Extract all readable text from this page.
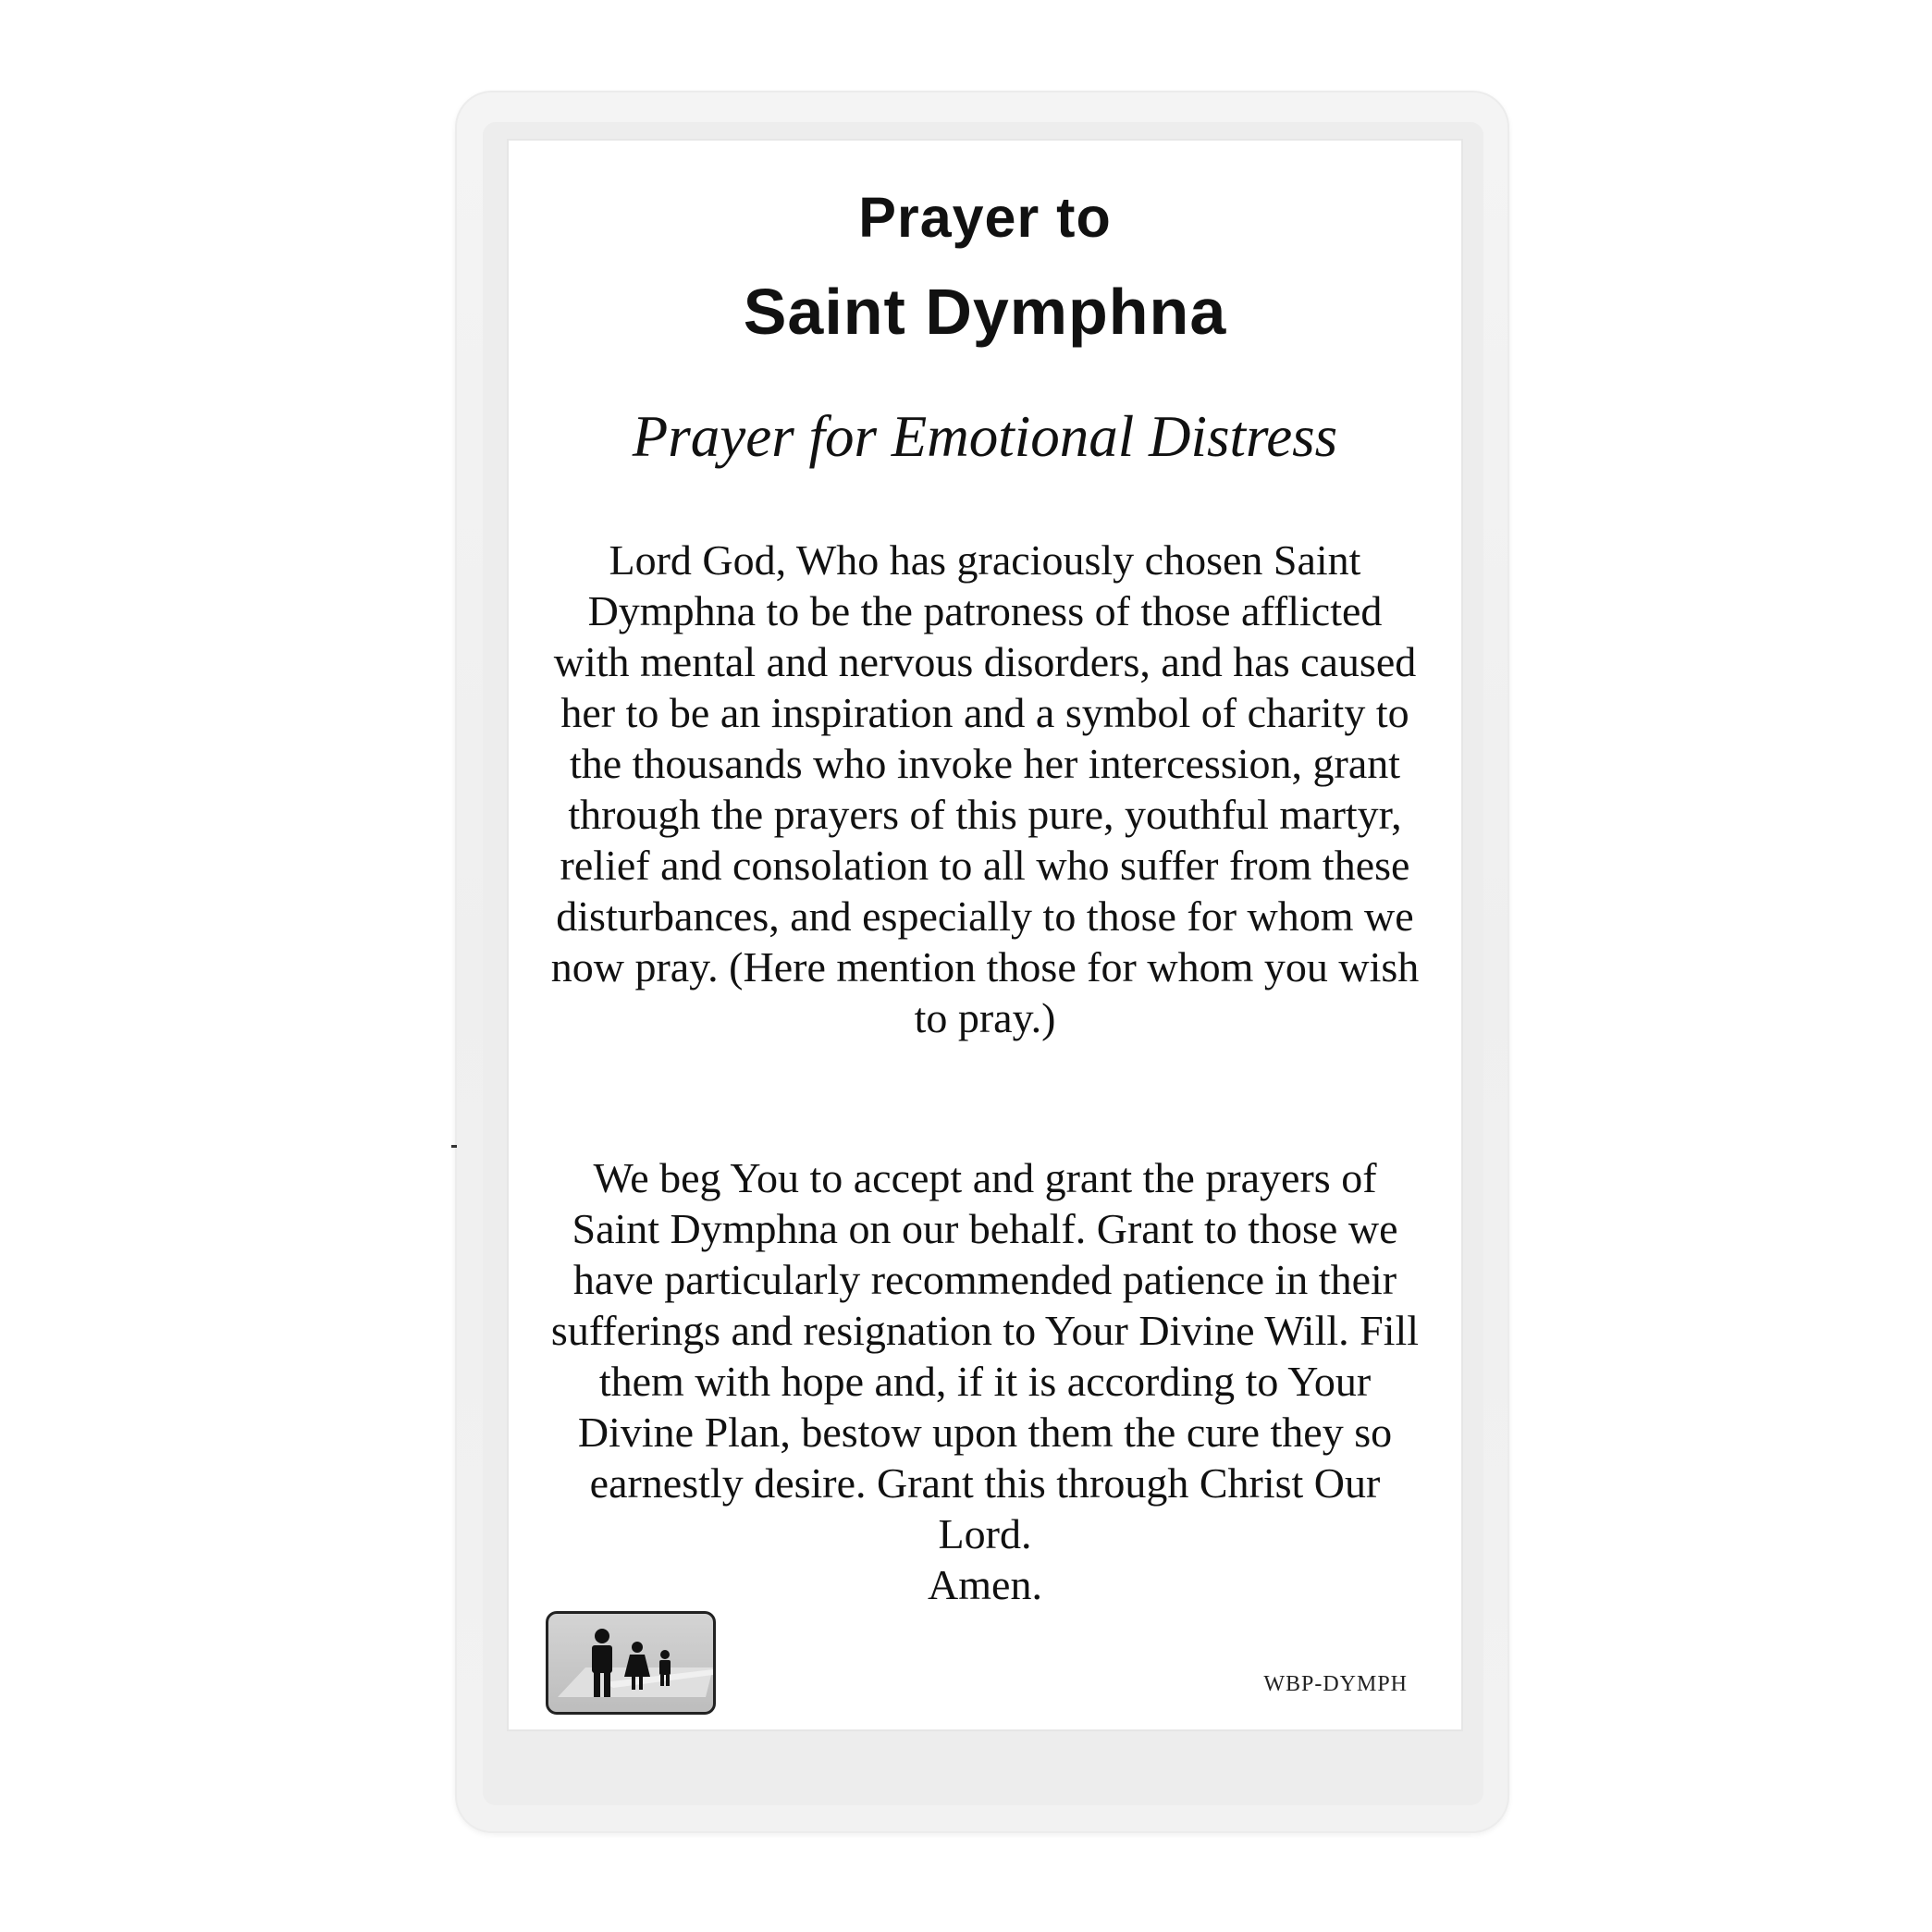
Prayer to
Saint Dymphna
Prayer for Emotional Distress

Lord God, Who has graciously chosen Saint Dymphna to be the patroness of those afflicted with mental and nervous disorders, and has caused her to be an inspiration and a symbol of charity to the thousands who invoke her intercession, grant through the prayers of this pure, youthful martyr, relief and consolation to all who suffer from these disturbances, and especially to those for whom we now pray. (Here mention those for whom you wish to pray.)

We beg You to accept and grant the prayers of Saint Dymphna on our behalf. Grant to those we have particularly recommended patience in their sufferings and resignation to Your Divine Will. Fill them with hope and, if it is according to Your Divine Plan, bestow upon them the cure they so earnestly desire. Grant this through Christ Our Lord.

Amen.
WBP-DYMPH
